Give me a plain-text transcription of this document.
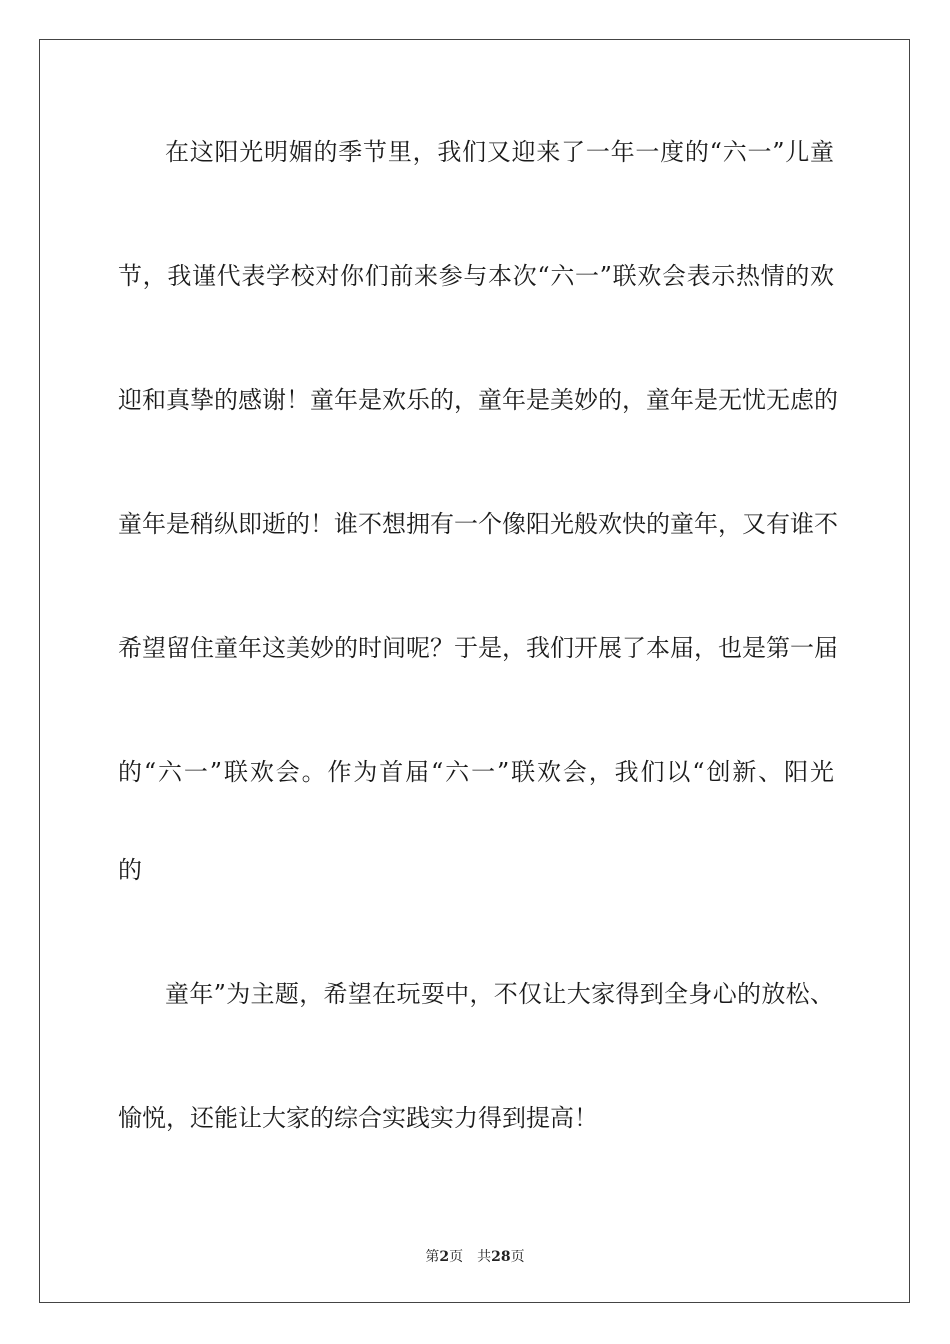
在这阳光明媚的季节里，我们又迎来了一年一度的“六一”儿童
节，我谨代表学校对你们前来参与本次“六一”联欢会表示热情的欢
迎和真挚的感谢！童年是欢乐的，童年是美妙的，童年是无忧无虑的
童年是稍纵即逝的！谁不想拥有一个像阳光般欢快的童年，又有谁不
希望留住童年这美妙的时间呢？于是，我们开展了本届，也是第一届
的“六一”联欢会。作为首届“六一”联欢会，我们以“创新、阳光
的
童年”为主题，希望在玩耍中，不仅让大家得到全身心的放松、
愉悦，还能让大家的综合实践实力得到提高！
第2页 共28页
